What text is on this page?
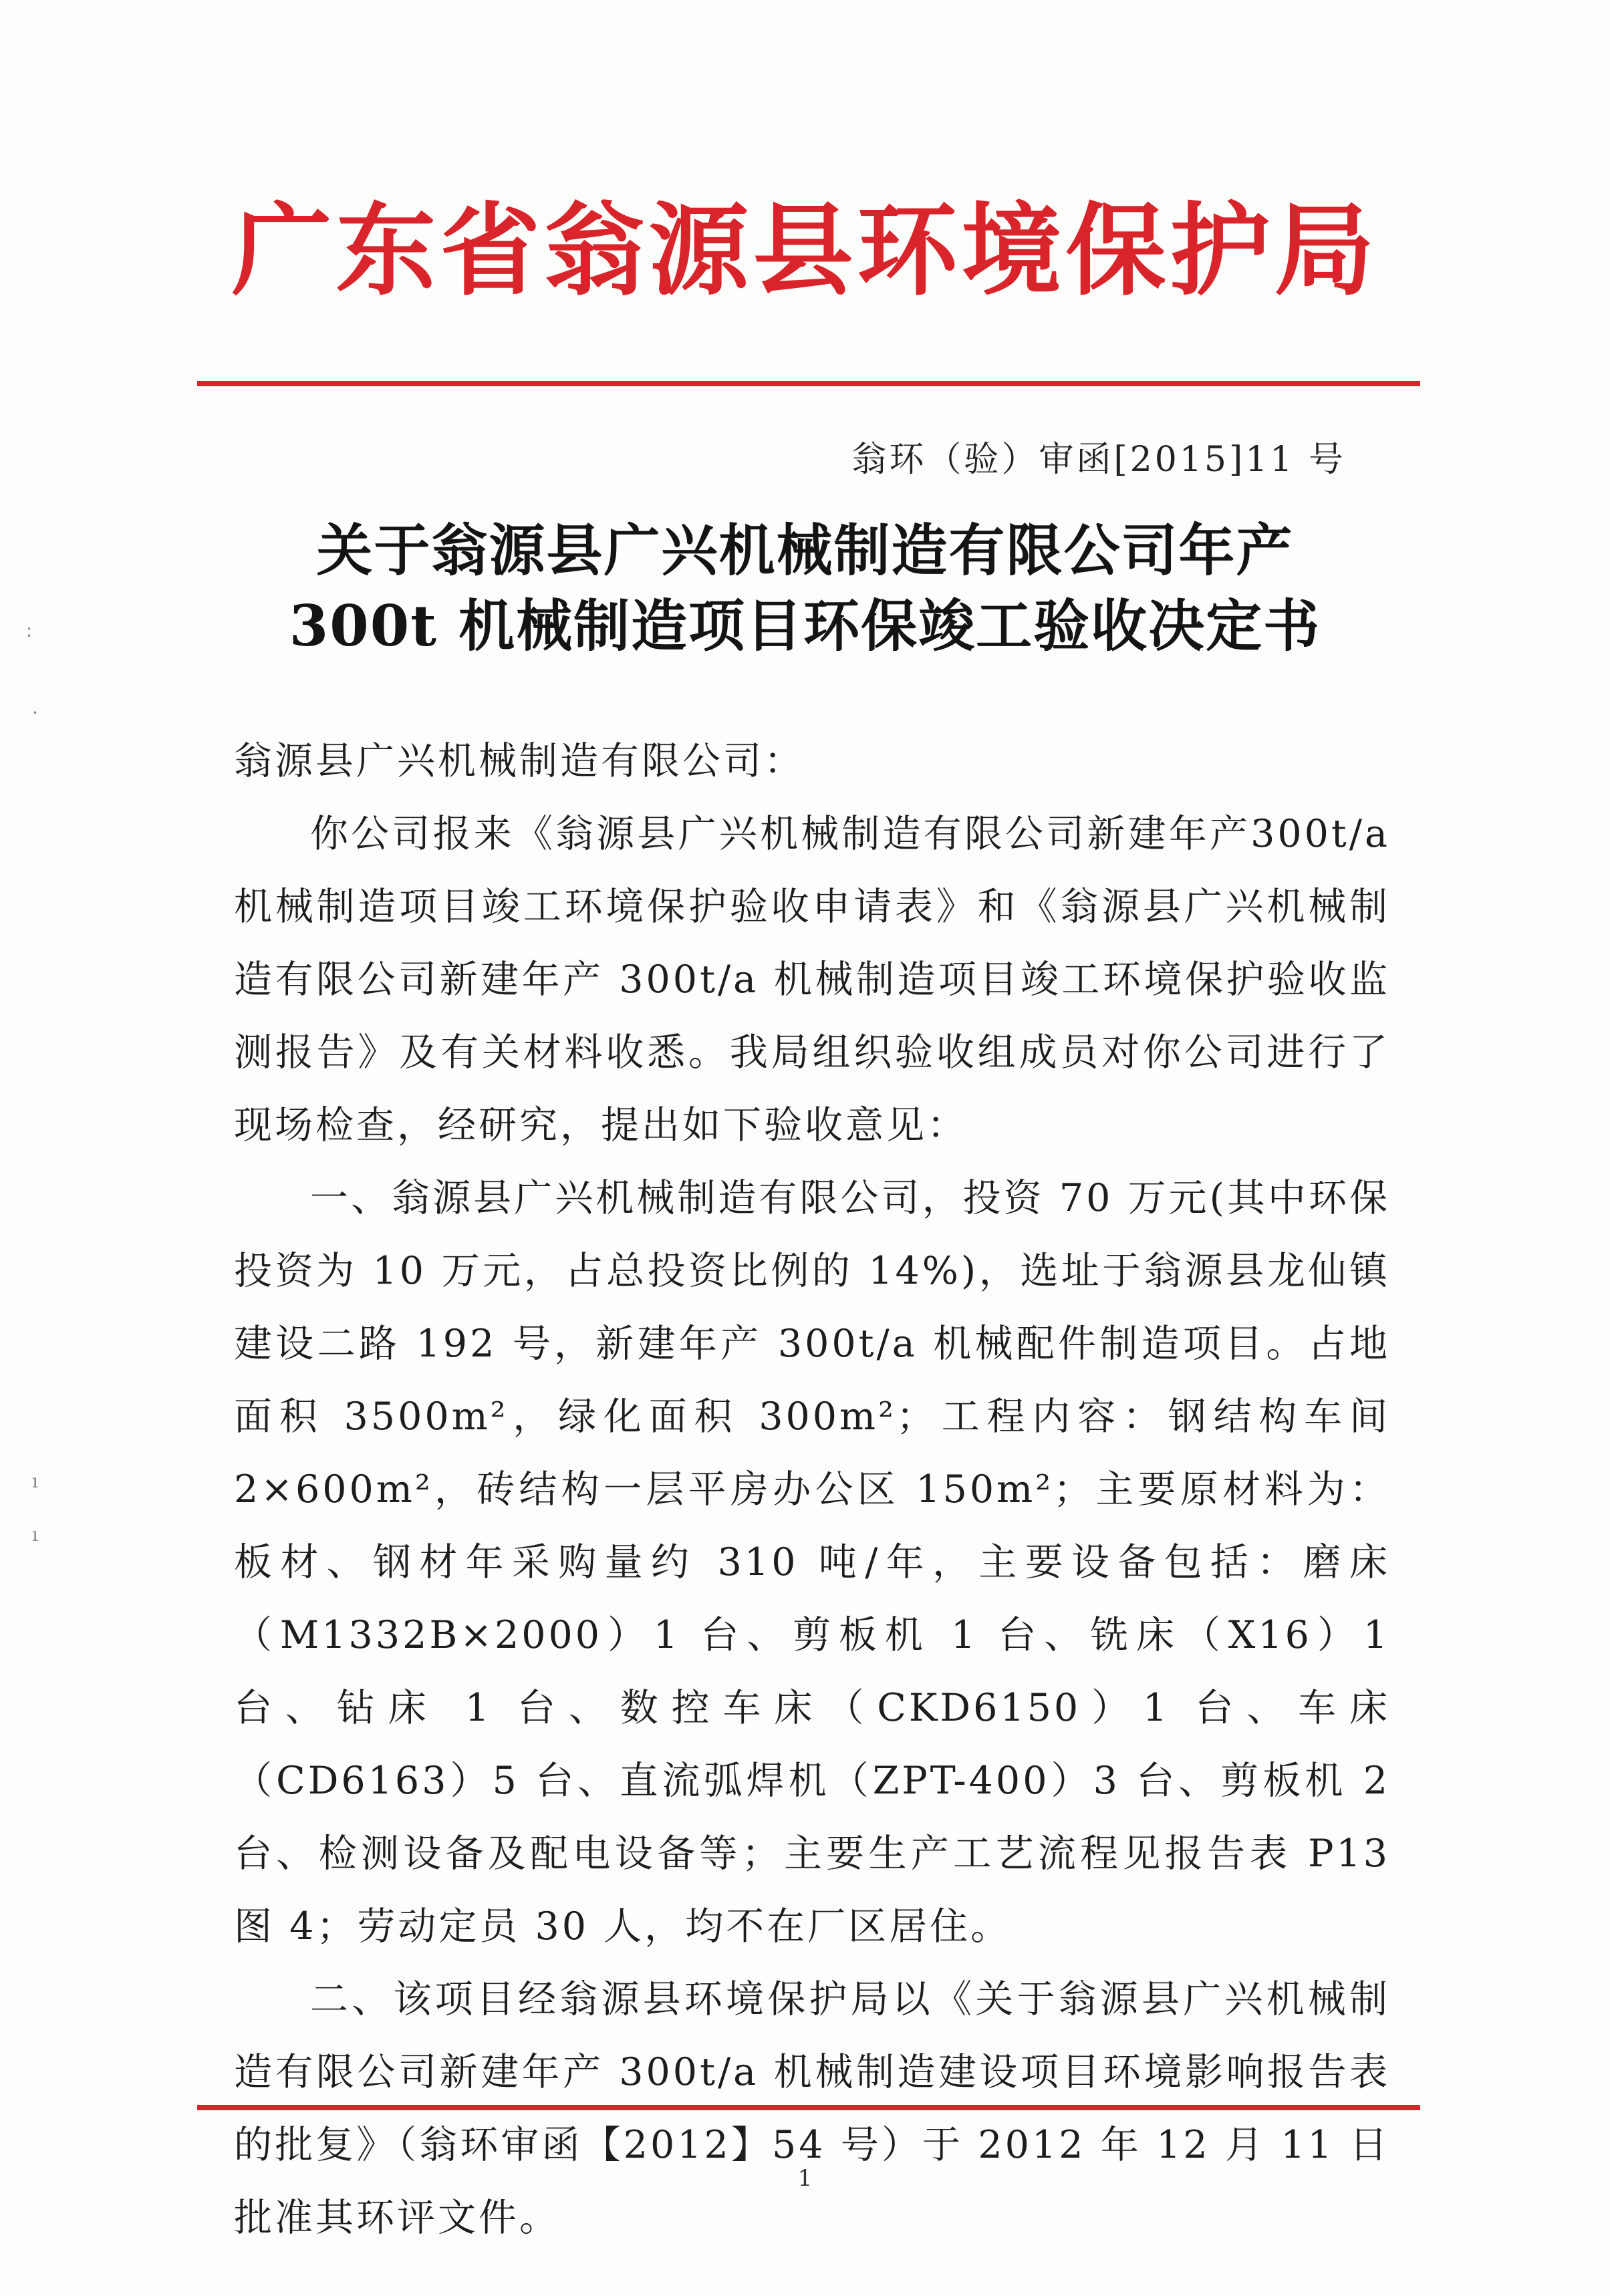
广东省翁源县环境保护局
翁环（验）审函[2015]11 号
关于翁源县广兴机械制造有限公司年产
300t 机械制造项目环保竣工验收决定书

翁源县广兴机械制造有限公司：

你公司报来《翁源县广兴机械制造有限公司新建年产300t/a 机械制造项目竣工环境保护验收申请表》和《翁源县广兴机械制造有限公司新建年产 300t/a 机械制造项目竣工环境保护验收监测报告》及有关材料收悉。我局组织验收组成员对你公司进行了现场检查，经研究，提出如下验收意见：

一、翁源县广兴机械制造有限公司，投资 70 万元(其中环保投资为 10 万元，占总投资比例的 14%)，选址于翁源县龙仙镇建设二路 192 号，新建年产 300t/a 机械配件制造项目。占地面积 3500m²，绿化面积 300m²；工程内容：钢结构车间 2×600m²，砖结构一层平房办公区 150m²；主要原材料为：板材、钢材年采购量约 310 吨/年，主要设备包括：磨床（M1332B×2000）1 台、剪板机 1 台、铣床（X16）1 台、钻床 1 台、数控车床（CKD6150）1 台、车床（CD6163）5 台、直流弧焊机（ZPT-400）3 台、剪板机 2 台、检测设备及配电设备等；主要生产工艺流程见报告表 P13 图 4；劳动定员 30 人，均不在厂区居住。

二、该项目经翁源县环境保护局以《关于翁源县广兴机械制造有限公司新建年产 300t/a 机械制造建设项目环境影响报告表的批复》（翁环审函【2012】54 号）于 2012 年 12 月 11 日批准其环评文件。

1
∶
·
ı
ı
